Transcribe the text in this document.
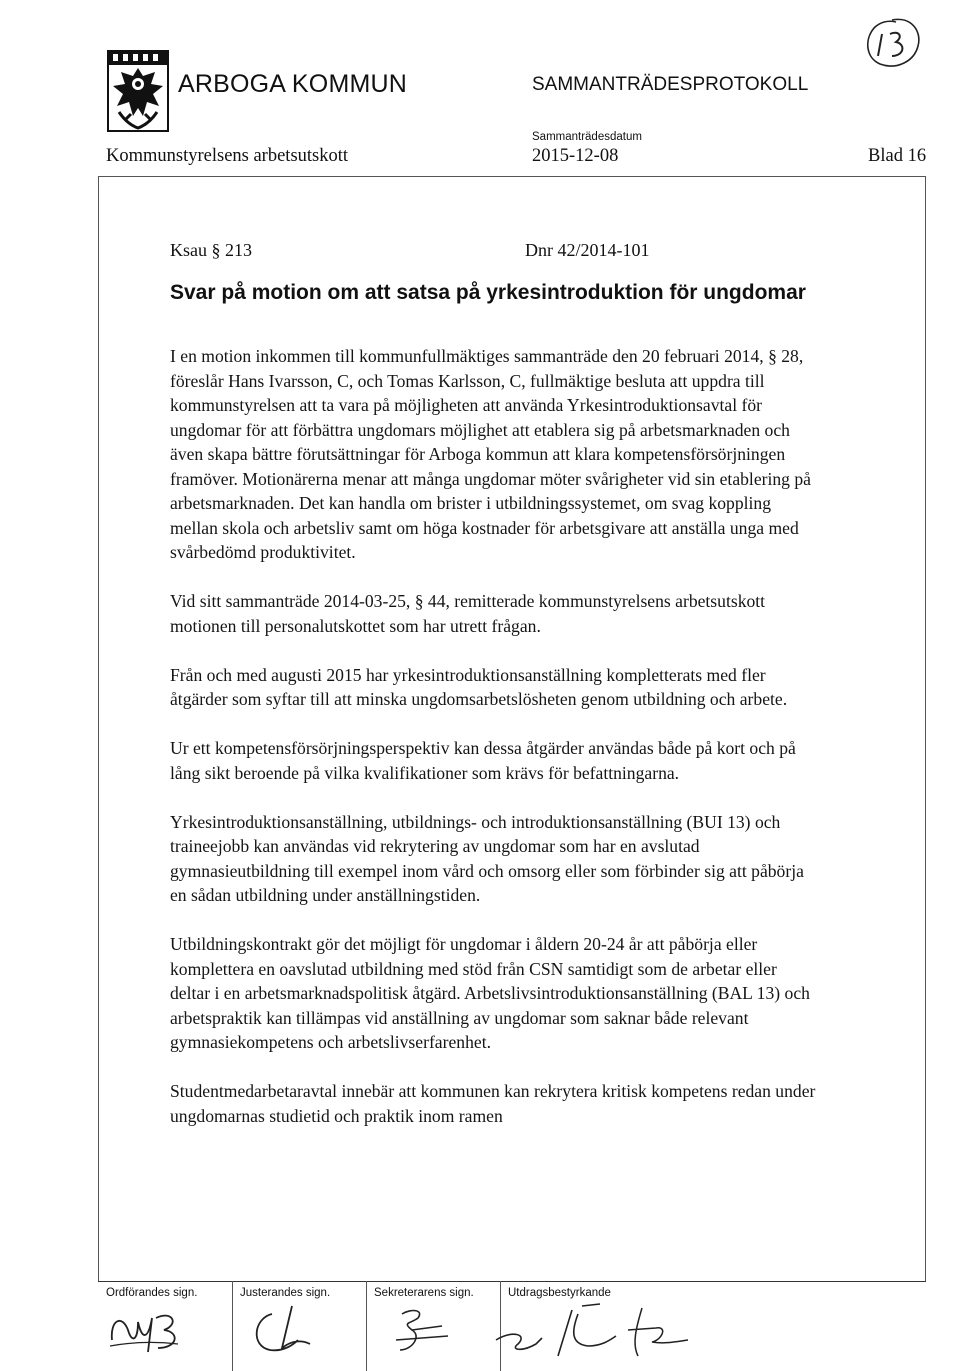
ARBOGA KOMMUN	SAMMANTRÄDESPROTOKOLL
Kommunstyrelsens arbetsutskott
Sammanträdesdatum
2015-12-08	Blad 16
Ksau § 213	Dnr 42/2014-101
Svar på motion om att satsa på yrkesintroduktion för ungdomar

I en motion inkommen till kommunfullmäktiges sammanträde den 20 februari 2014, § 28, föreslår Hans Ivarsson, C, och Tomas Karlsson, C, fullmäktige besluta att uppdra till kommunstyrelsen att ta vara på möjligheten att använda Yrkesintroduktionsavtal för ungdomar för att förbättra ungdomars möjlighet att etablera sig på arbetsmarknaden och även skapa bättre förutsättningar för Arboga kommun att klara kompetensförsörjningen framöver. Motionärerna menar att många ungdomar möter svårigheter vid sin etablering på arbetsmarknaden. Det kan handla om brister i utbildningssystemet, om svag koppling mellan skola och arbetsliv samt om höga kostnader för arbetsgivare att anställa unga med svårbedömd produktivitet.

Vid sitt sammanträde 2014-03-25, § 44, remitterade kommunstyrelsens arbetsutskott motionen till personalutskottet som har utrett frågan.

Från och med augusti 2015 har yrkesintroduktionsanställning kompletterats med fler åtgärder som syftar till att minska ungdomsarbetslösheten genom utbildning och arbete.

Ur ett kompetensförsörjningsperspektiv kan dessa åtgärder användas både på kort och på lång sikt beroende på vilka kvalifikationer som krävs för befattningarna.

Yrkesintroduktionsanställning, utbildnings- och introduktionsanställning (BUI 13) och traineejobb kan användas vid rekrytering av ungdomar som har en avslutad gymnasieutbildning till exempel inom vård och omsorg eller som förbinder sig att påbörja en sådan utbildning under anställningstiden.

Utbildningskontrakt gör det möjligt för ungdomar i åldern 20-24 år att påbörja eller komplettera en oavslutad utbildning med stöd från CSN samtidigt som de arbetar eller deltar i en arbetsmarknadspolitisk åtgärd. Arbetslivsintroduktionsanställning (BAL 13) och arbetspraktik kan tillämpas vid anställning av ungdomar som saknar både relevant gymnasiekompetens och arbetslivserfarenhet.

Studentmedarbetaravtal innebär att kommunen kan rekrytera kritisk kompetens redan under ungdomarnas studietid och praktik inom ramen

Ordförandes sign.	Justerandes sign.	Sekreterarens sign.	Utdragsbestyrkande
